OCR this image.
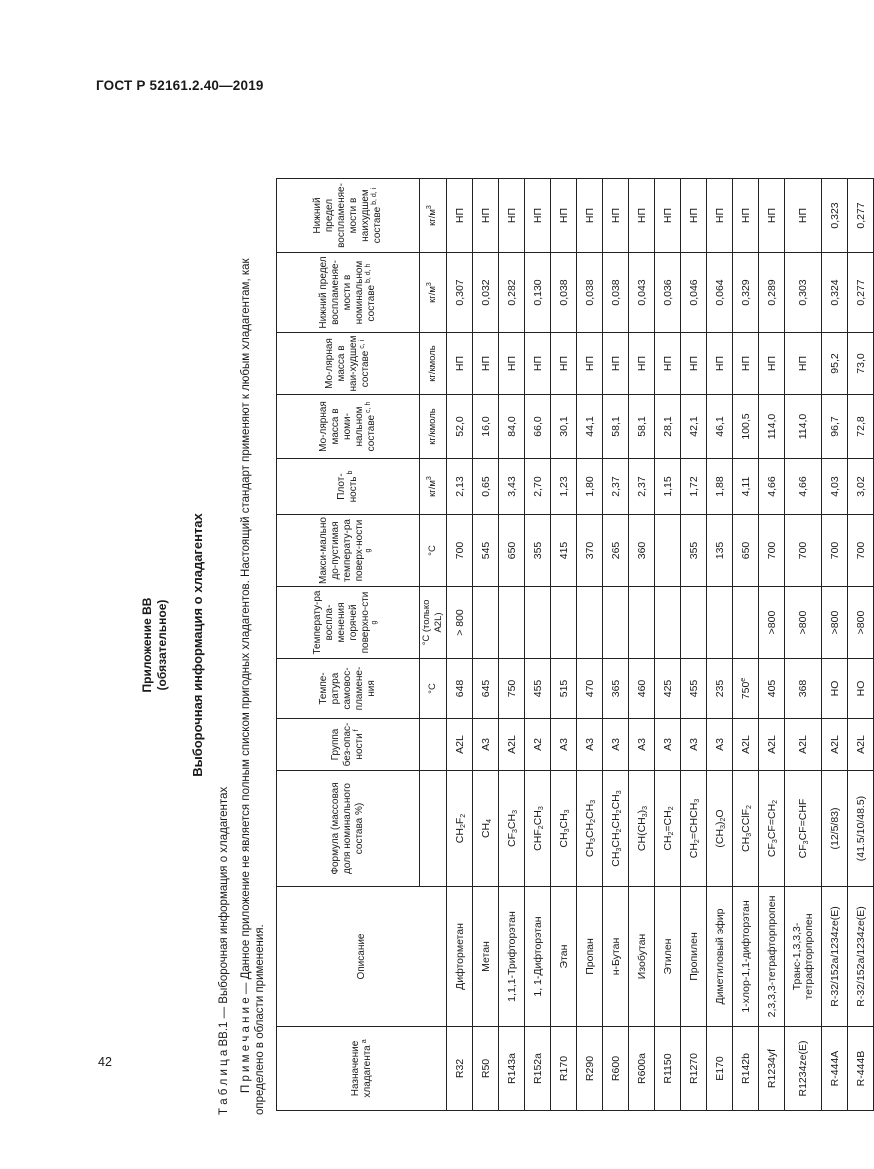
ГОСТ Р 52161.2.40—2019
42
Приложение ВВ (обязательное) Выборочная информация о хладагентах
Т а б л и ц а ВВ.1 — Выборочная информация о хладагентах П р и м е ч а н и е — Данное приложение не является полным списком пригодных хладагентов. Настоящий стандарт применяют к любым хладагентам, как определено в области применения.	Назначение хладагента $^a$	Описание	Формула (массовая доля номинального состава %)	Группа без-опас-ности $^f$	Темпе-ратура самовос-пламене-ния	Температу-ра воспла-менения горячей поверхно-сти $^g$	Макси-мально до-пустимая температу-ра поверх-ности $^g$	Плот-ность $^b$	Мо-лярная масса в номи-нальном составе $^{c, h}$	Мо-лярная масса в наи-худшем составе $^{c, i}$	Нижний предел воспламеняе-мости в номинальном составе $^{b, d, h}$	Нижний предел воспламеняе-мости в наихудшем составе $^{b, d, i}$
				°С	°С (только A2L)	°С	$кг/м^3$	кг/кмоль	кг/кмоль	$кг/м^3$	$кг/м^3$
R32	Дифторметан	$CH_2F_2$	A2L	648	> 800	700	2,13	52,0	НП	0,307	НП
R50	Метан	$CH_4$	A3	645		545	0,65	16,0	НП	0,032	НП
R143a	1,1,1-Трифторэтан	$CF_3CH_3$	A2L	750		650	3,43	84,0	НП	0,282	НП
R152a	1, 1-Дифторэтан	$CHF_2CH_3$	A2	455		355	2,70	66,0	НП	0,130	НП
R170	Этан	$CH_3CH_3$	A3	515		415	1,23	30,1	НП	0,038	НП
R290	Пропан	$CH_3CH_2CH_3$	A3	470		370	1,80	44,1	НП	0,038	НП
R600	н-Бутан	$CH_3CH_2CH_2CH_3$	A3	365		265	2,37	58,1	НП	0,038	НП
R600a	Изобутан	$CH(CH_3)_3$	A3	460		360	2,37	58,1	НП	0,043	НП
R1150	Этилен	$CH_2=CH_2$	A3	425			1,15	28,1	НП	0,036	НП
R1270	Пропилен	$CH_2=CHCH_3$	A3	455		355	1,72	42,1	НП	0,046	НП
E170	Диметиловый эфир	$(CH_3)_2O$	A3	235		135	1,88	46,1	НП	0,064	НП
R142b	1-хлор-1,1-дифторэтан	$CH_3CClF_2$	A2L	750e		650	4,11	100,5	НП	0,329	НП
R1234yf	2,3,3,3-тетрафторпропен	$CF_3CF=CH_2$	A2L	405	>800	700	4,66	114,0	НП	0,289	НП
R1234ze(E)	Транс-1,3,3,3-тетрафторпропен	$CF_3CF=CHF$	A2L	368	>800	700	4,66	114,0	НП	0,303	НП
R-444A	R-32/152a/1234ze(E)	(12/5/83)	A2L	НО	>800	700	4,03	96,7	95,2	0,324	0,323
R-444B	R-32/152a/1234ze(E)	(41.5/10/48.5)	A2L	НО	>800	700	3,02	72,8	73,0	0,277	0,277
